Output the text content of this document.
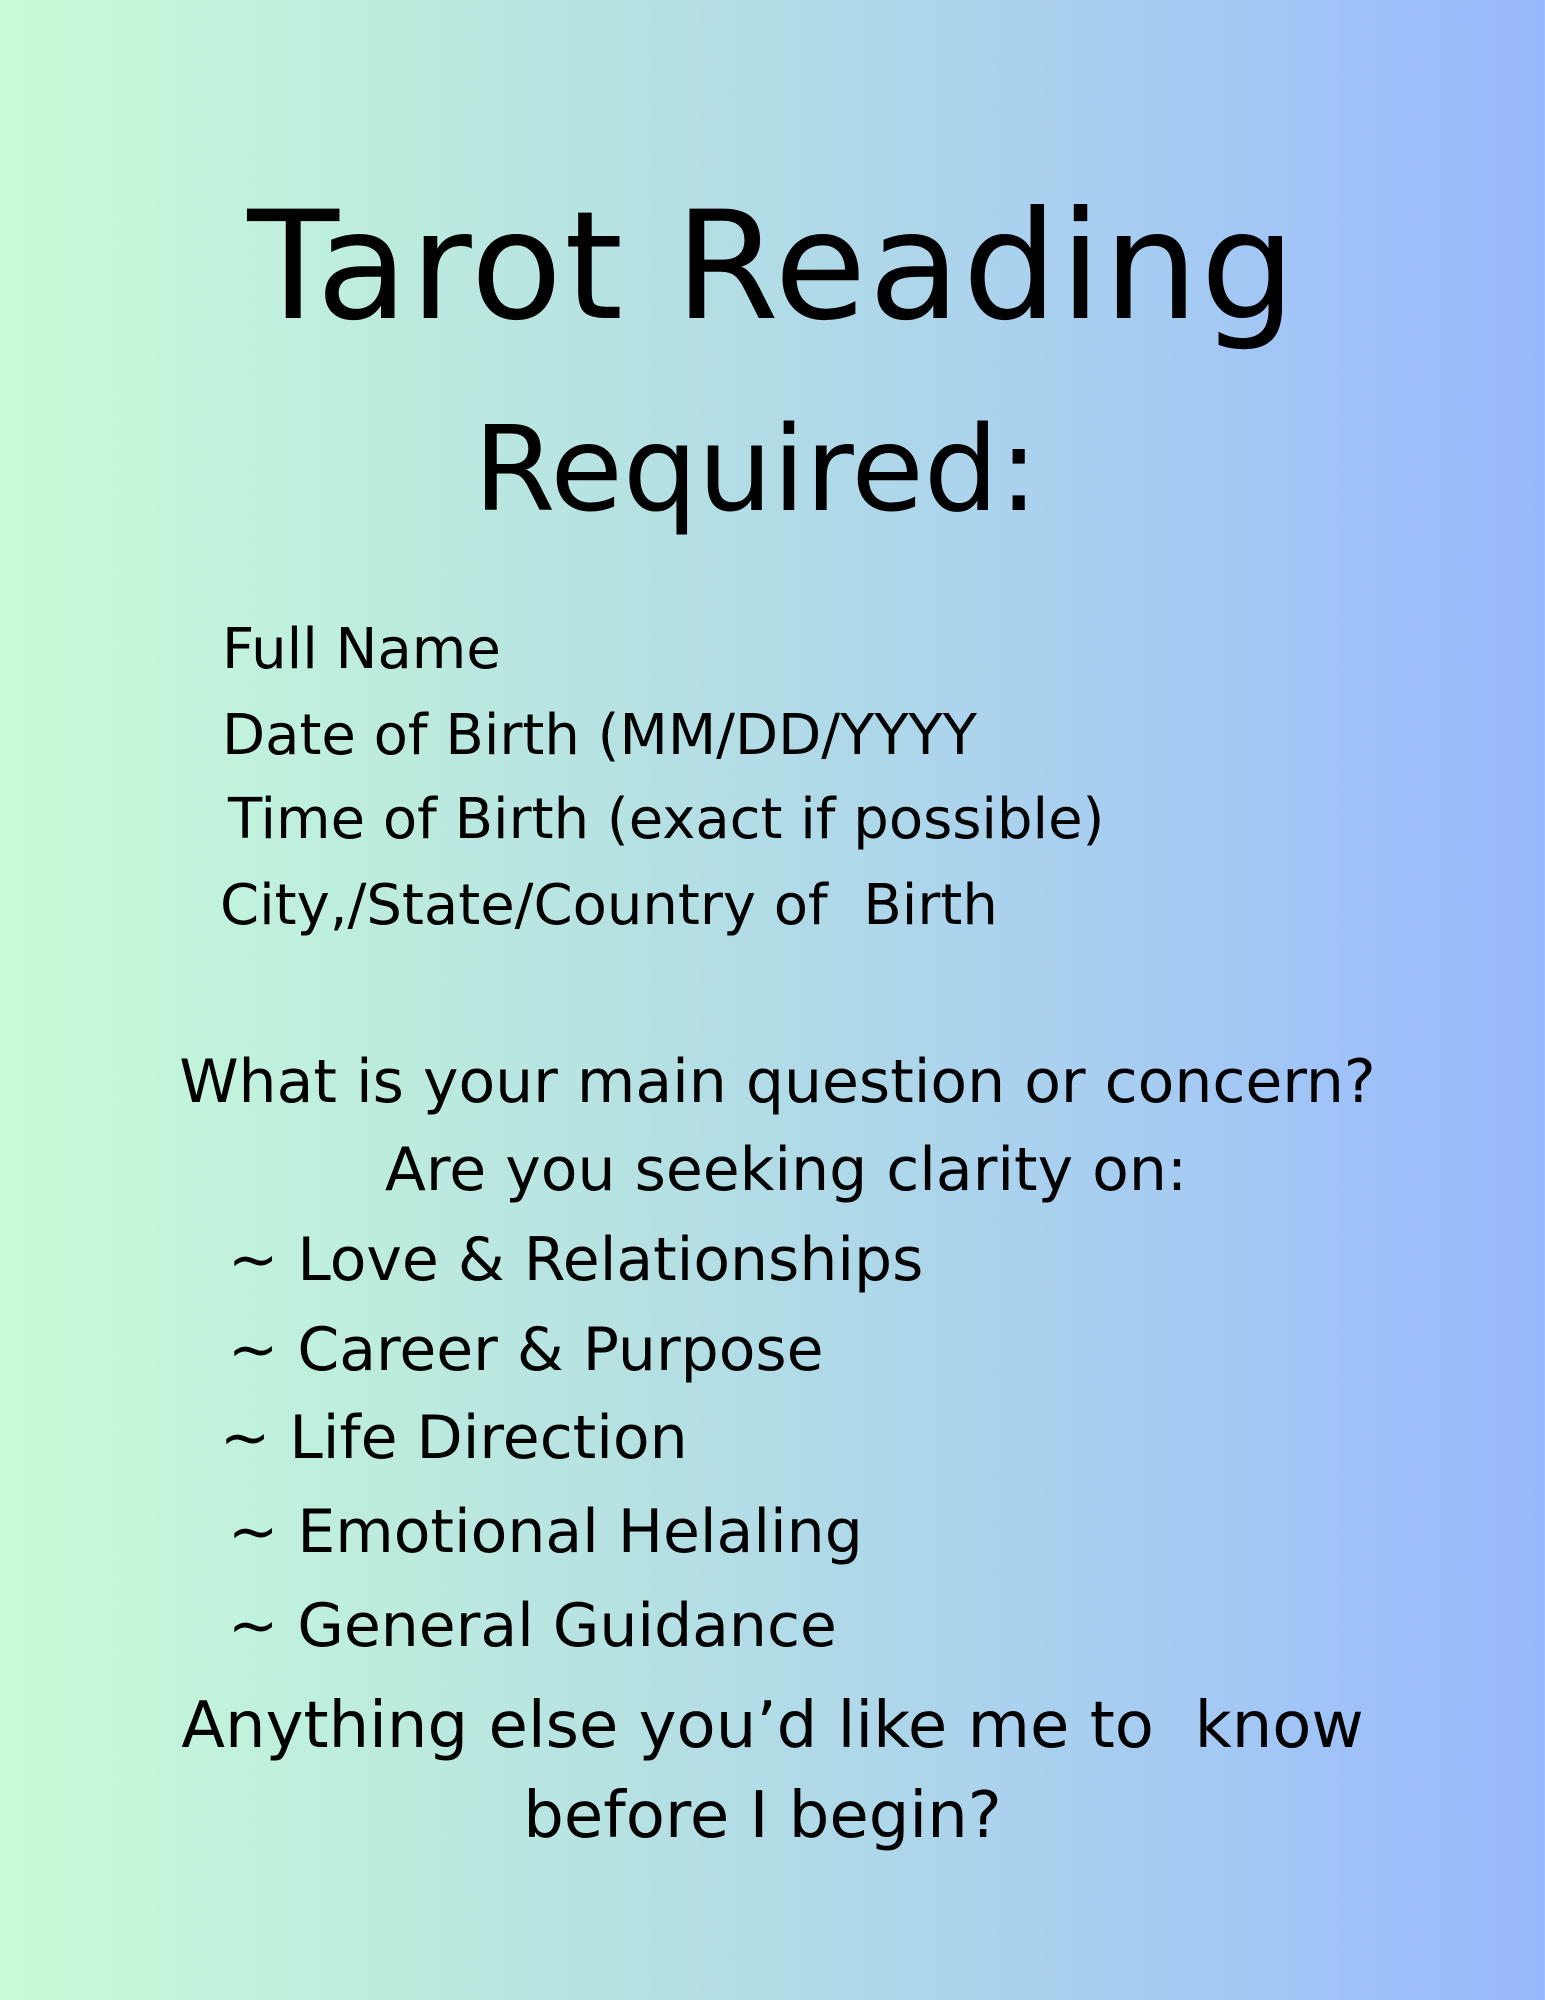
Tarot Reading
Required:
Full Name
Date of Birth (MM/DD/YYYY
Time of Birth (exact if possible)
City,/State/Country of  Birth
What is your main question or concern?
Are you seeking clarity on:
~ Love & Relationships
~ Career & Purpose
~ Life Direction
~ Emotional Helaling
~ General Guidance
Anything else you’d like me to  know
before I begin?
